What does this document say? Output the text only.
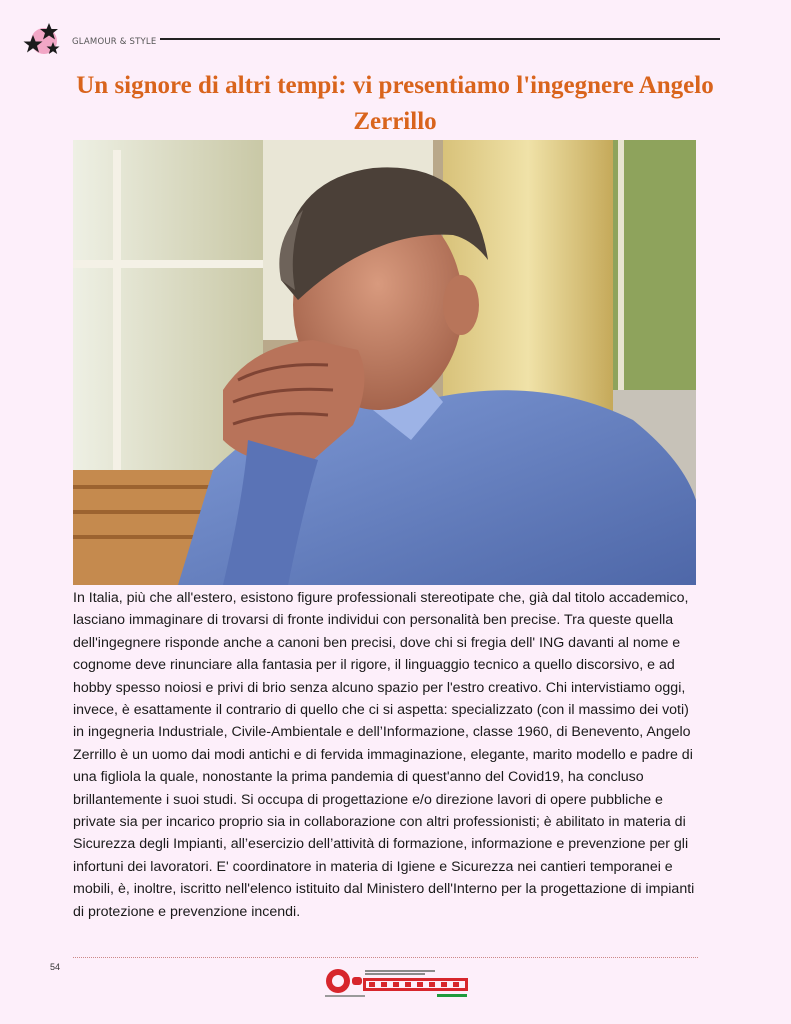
GLAMOUR & STYLE
Un signore di altri tempi: vi presentiamo l'ingegnere Angelo Zerrillo

In Italia, più che all'estero, esistono figure professionali stereotipate che, già dal titolo accademico, lasciano immaginare di trovarsi di fronte individui con personalità ben precise. Tra queste quella dell'ingegnere risponde anche a canoni ben precisi, dove chi si fregia dell' ING davanti al nome e cognome deve rinunciare alla fantasia per il rigore, il linguaggio tecnico a quello discorsivo, e ad hobby spesso noiosi e privi di brio senza alcuno spazio per l'estro creativo. Chi intervistiamo oggi, invece, è esattamente il contrario di quello che ci si aspetta: specializzato (con il massimo dei voti) in ingegneria Industriale, Civile-Ambientale e dell’Informazione, classe 1960, di Benevento, Angelo Zerrillo è un uomo dai modi antichi e di fervida immaginazione, elegante, marito modello e padre di una figliola la quale, nonostante la prima pandemia di quest'anno del Covid19, ha concluso brillantemente i suoi studi. Si occupa di progettazione e/o direzione lavori di opere pubbliche e private sia per incarico proprio sia in collaborazione con altri professionisti; è abilitato in materia di Sicurezza degli Impianti, all’esercizio dell’attività di formazione, informazione e prevenzione per gli infortuni dei lavoratori. E' coordinatore in materia di Igiene e Sicurezza nei cantieri temporanei e mobili, è, inoltre, iscritto nell'elenco istituito dal Ministero dell'Interno per la progettazione di impianti di protezione e prevenzione incendi.

54
